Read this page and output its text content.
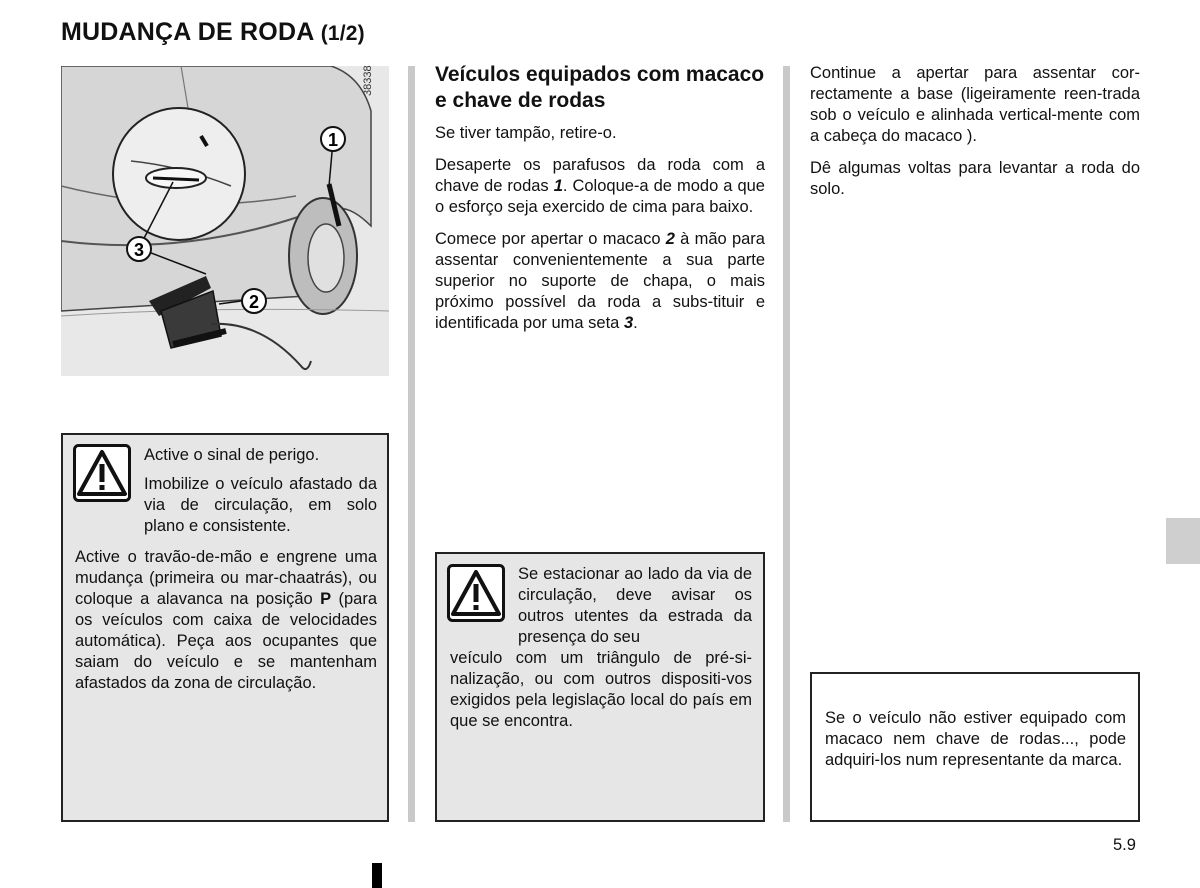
MUDANÇA DE RODA (1/2)
1
3
2
38338

Active o sinal de perigo.

Imobilize o veículo afastado da via de circulação, em solo plano e consistente.

Active o travão-de-mão e engrene uma mudança (primeira ou mar-chaatrás), ou coloque a alavanca na posição P (para os veículos com caixa de velocidades automática). Peça aos ocupantes que saiam do veículo e se mantenham afastados da zona de circulação.

Veículos equipados com macaco e chave de rodas

Se tiver tampão, retire-o.

Desaperte os parafusos da roda com a chave de rodas 1. Coloque-a de modo a que o esforço seja exercido de cima para baixo.

Comece por apertar o macaco 2 à mão para assentar convenientemente a sua parte superior no suporte de chapa, o mais próximo possível da roda a subs-tituir e identificada por uma seta 3.

Se estacionar ao lado da via de circulação, deve avisar os outros utentes da estrada da presença do seu

veículo com um triângulo de pré-si-nalização, ou com outros dispositi-vos exigidos pela legislação local do país em que se encontra.

Continue a apertar para assentar cor-rectamente a base (ligeiramente reen-trada sob o veículo e alinhada vertical-mente com a cabeça do macaco ).

Dê algumas voltas para levantar a roda do solo.

Se o veículo não estiver equipado com macaco nem chave de rodas..., pode adquiri-los num representante da marca.

5.9
